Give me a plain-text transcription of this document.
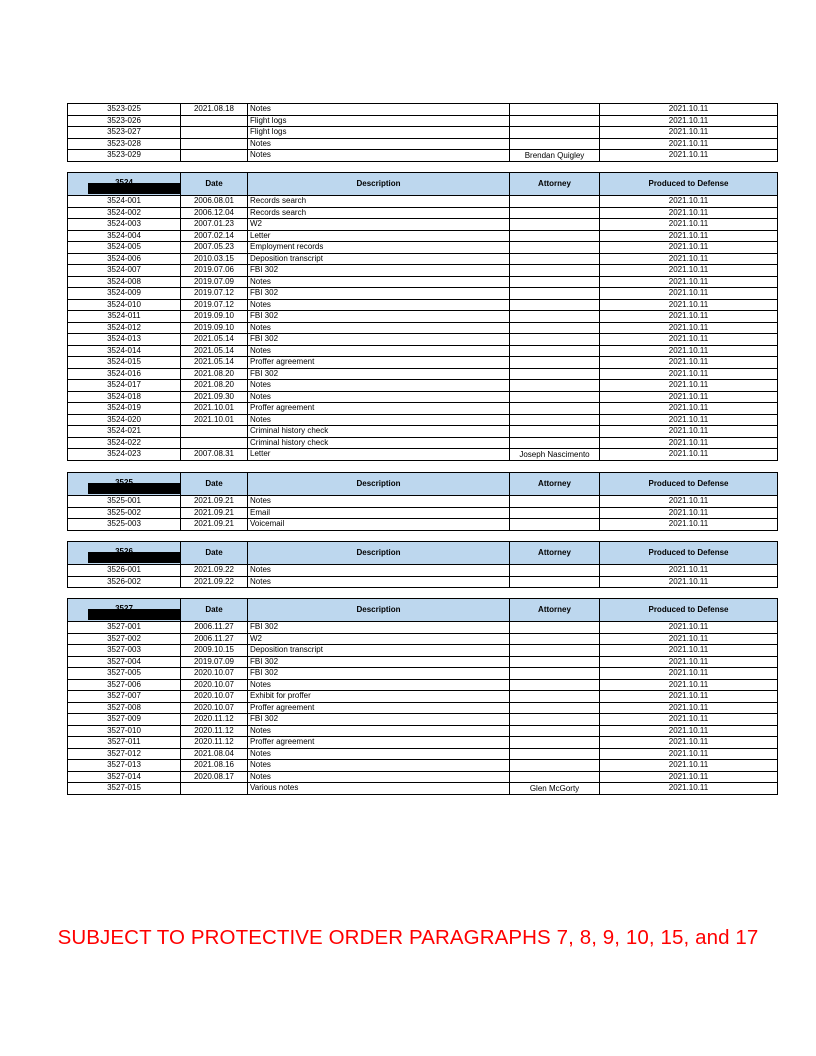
3523-025	2021.08.18	Notes		2021.10.11
3523-026		Flight logs		2021.10.11
3523-027		Flight logs		2021.10.11
3523-028		Notes		2021.10.11
3523-029		Notes	Brendan Quigley	2021.10.11
	Date	Description	Attorney	Produced to Defense
3524-001	2006.08.01	Records search		2021.10.11
3524-002	2006.12.04	Records search		2021.10.11
3524-003	2007.01.23	W2		2021.10.11
3524-004	2007.02.14	Letter		2021.10.11
3524-005	2007.05.23	Employment records		2021.10.11
3524-006	2010.03.15	Deposition transcript		2021.10.11
3524-007	2019.07.06	FBI 302		2021.10.11
3524-008	2019.07.09	Notes		2021.10.11
3524-009	2019.07.12	FBI 302		2021.10.11
3524-010	2019.07.12	Notes		2021.10.11
3524-011	2019.09.10	FBI 302		2021.10.11
3524-012	2019.09.10	Notes		2021.10.11
3524-013	2021.05.14	FBI 302		2021.10.11
3524-014	2021.05.14	Notes		2021.10.11
3524-015	2021.05.14	Proffer agreement		2021.10.11
3524-016	2021.08.20	FBI 302		2021.10.11
3524-017	2021.08.20	Notes		2021.10.11
3524-018	2021.09.30	Notes		2021.10.11
3524-019	2021.10.01	Proffer agreement		2021.10.11
3524-020	2021.10.01	Notes		2021.10.11
3524-021		Criminal history check		2021.10.11
3524-022		Criminal history check		2021.10.11
3524-023	2007.08.31	Letter	Joseph Nascimento	2021.10.11
	Date	Description	Attorney	Produced to Defense
3525-001	2021.09.21	Notes		2021.10.11
3525-002	2021.09.21	Email		2021.10.11
3525-003	2021.09.21	Voicemail		2021.10.11
	Date	Description	Attorney	Produced to Defense
3526-001	2021.09.22	Notes		2021.10.11
3526-002	2021.09.22	Notes		2021.10.11
	Date	Description	Attorney	Produced to Defense
3527-001	2006.11.27	FBI 302		2021.10.11
3527-002	2006.11.27	W2		2021.10.11
3527-003	2009.10.15	Deposition transcript		2021.10.11
3527-004	2019.07.09	FBI 302		2021.10.11
3527-005	2020.10.07	FBI 302		2021.10.11
3527-006	2020.10.07	Notes		2021.10.11
3527-007	2020.10.07	Exhibit for proffer		2021.10.11
3527-008	2020.10.07	Proffer agreement		2021.10.11
3527-009	2020.11.12	FBI 302		2021.10.11
3527-010	2020.11.12	Notes		2021.10.11
3527-011	2020.11.12	Proffer agreement		2021.10.11
3527-012	2021.08.04	Notes		2021.10.11
3527-013	2021.08.16	Notes		2021.10.11
3527-014	2020.08.17	Notes		2021.10.11
3527-015		Various notes	Glen McGorty	2021.10.11
SUBJECT TO PROTECTIVE ORDER PARAGRAPHS 7, 8, 9, 10, 15, and 17
